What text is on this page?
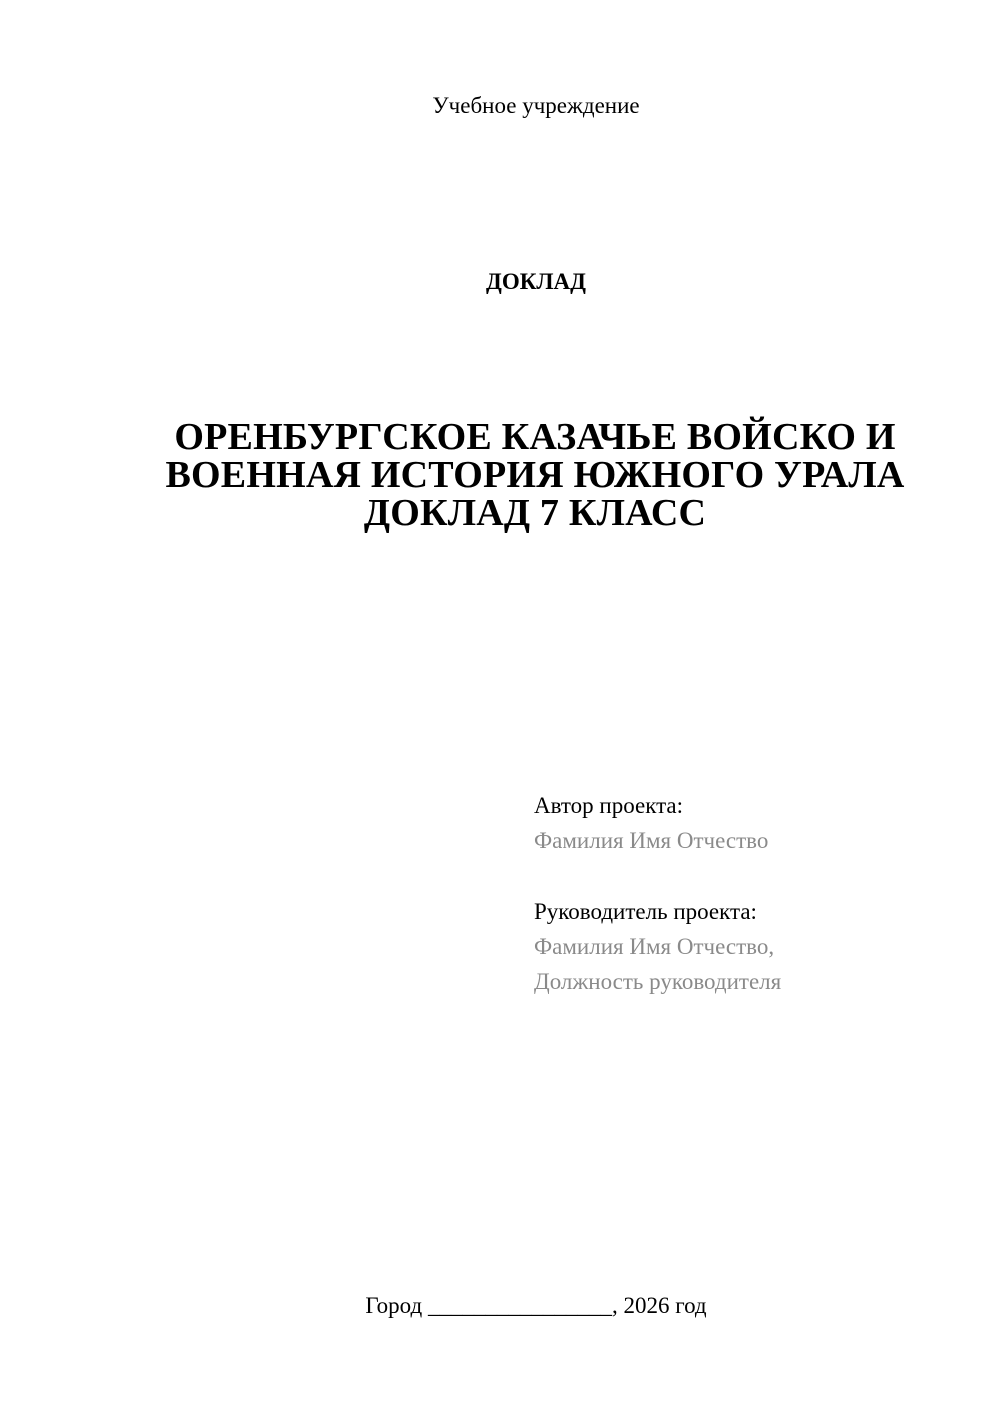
Учебное учреждение
ДОКЛАД
ОРЕНБУРГСКОЕ КАЗАЧЬЕ ВОЙСКО И
ВОЕННАЯ ИСТОРИЯ ЮЖНОГО УРАЛА
ДОКЛАД 7 КЛАСС
Автор проекта:
Фамилия Имя Отчество
Руководитель проекта:
Фамилия Имя Отчество,
Должность руководителя
Город ________________, 2026 год
